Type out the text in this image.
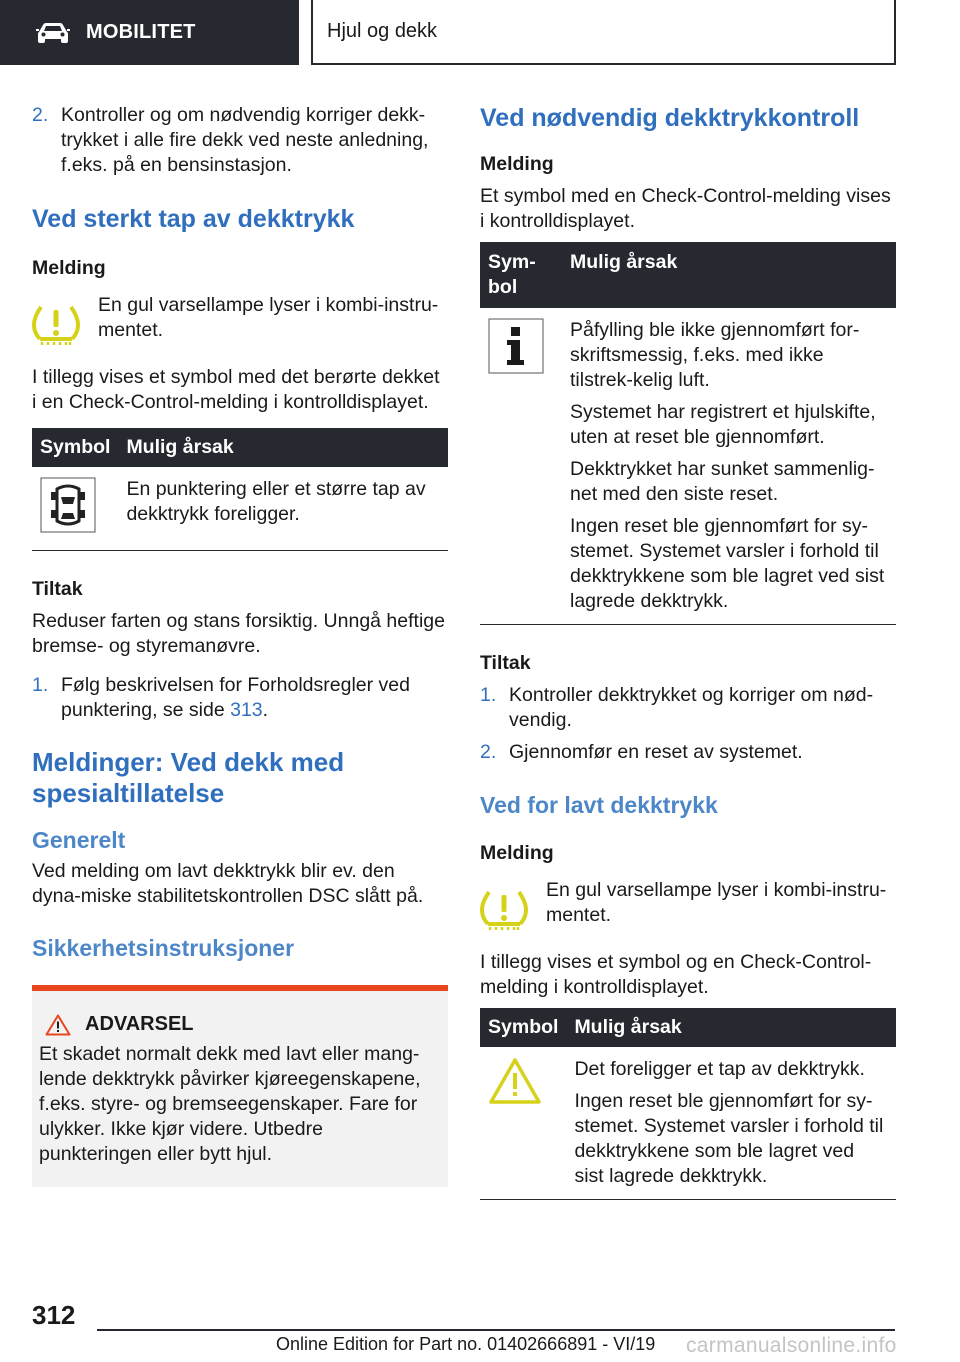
MOBILITET	Hjul og dekk
2. Kontroller og om nødvendig korriger dekk-trykket i alle fire dekk ved neste anledning, f.eks. på en bensinstasjon.
Ved sterkt tap av dekktrykk
Melding

En gul varsellampe lyser i kombi-instru-mentet.

I tillegg vises et symbol med det berørte dekket i en Check-Control-melding i kontrolldisplayet.

Symbol	Mulig årsak

En punktering eller et større tap av dekktrykk foreligger.

Tiltak

Reduser farten og stans forsiktig. Unngå heftige bremse- og styremanøvre.

1. Følg beskrivelsen for Forholdsregler ved punktering, se side 313.
Meldinger: Ved dekk med spesialtillatelse
Generelt

Ved melding om lavt dekktrykk blir ev. den dyna-miske stabilitetskontrollen DSC slått på.

Sikkerhetsinstruksjoner
ADVARSEL

Et skadet normalt dekk med lavt eller mang-lende dekktrykk påvirker kjøreegenskapene, f.eks. styre- og bremseegenskaper. Fare for ulykker. Ikke kjør videre. Utbedre punkteringen eller bytt hjul.

Ved nødvendig dekktrykkontroll
Melding

Et symbol med en Check-Control-melding vises i kontrolldisplayet.

Sym-bol	Mulig årsak

Påfylling ble ikke gjennomført for-skriftsmessig, f.eks. med ikke tilstrek-kelig luft.

Systemet har registrert et hjulskifte, uten at reset ble gjennomført.

Dekktrykket har sunket sammenlig-net med den siste reset.

Ingen reset ble gjennomført for sy-stemet. Systemet varsler i forhold til dekktrykkene som ble lagret ved sist lagrede dekktrykk.

Tiltak
1. Kontroller dekktrykket og korriger om nød-vendig.
2. Gjennomfør en reset av systemet.
Ved for lavt dekktrykk
Melding

En gul varsellampe lyser i kombi-instru-mentet.

I tillegg vises et symbol og en Check-Control-melding i kontrolldisplayet.

Symbol	Mulig årsak

Det foreligger et tap av dekktrykk.

Ingen reset ble gjennomført for sy-stemet. Systemet varsler i forhold til dekktrykkene som ble lagret ved sist lagrede dekktrykk.

312
Online Edition for Part no. 01402666891 - VI/19 carmanualsonline.info
